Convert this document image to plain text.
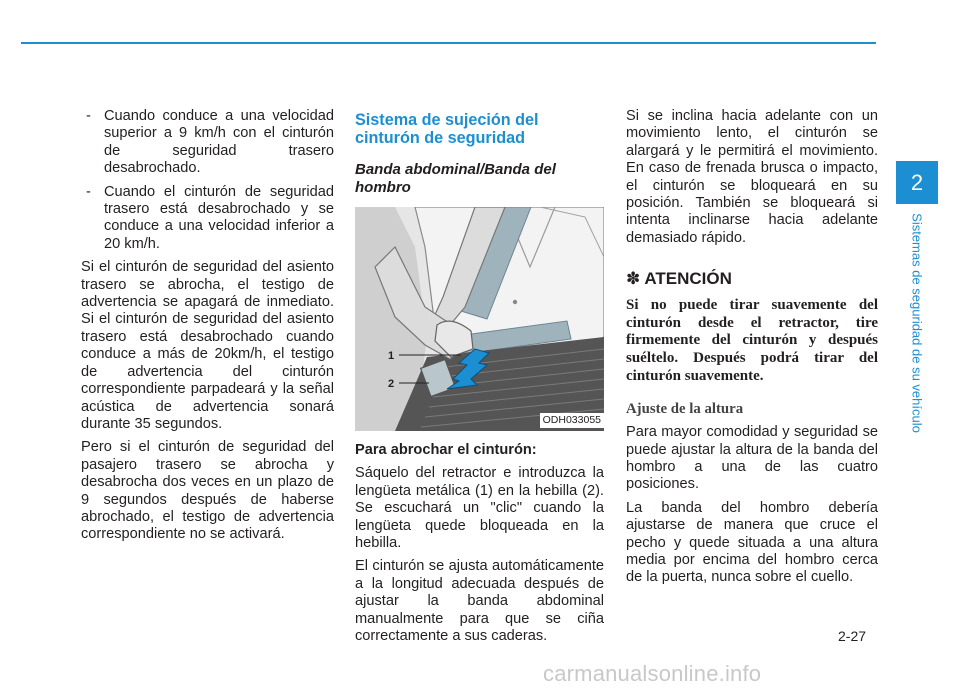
- Cuando conduce a una velocidad superior a 9 km/h con el cinturón de seguridad trasero desabrochado.
- Cuando el cinturón de seguridad trasero está desabrochado y se conduce a una velocidad inferior a 20 km/h.

Si el cinturón de seguridad del asiento trasero se abrocha, el testigo de advertencia se apagará de inmediato. Si el cinturón de seguridad del asiento trasero está desabrochado cuando conduce a más de 20km/h, el testigo de advertencia del cinturón correspondiente parpadeará y la señal acústica de advertencia sonará durante 35 segundos.

Pero si el cinturón de seguridad del pasajero trasero se abrocha y desabrocha dos veces en un plazo de 9 segundos después de haberse abrochado, el testigo de advertencia correspondiente no se activará.

Sistema de sujeción del cinturón de seguridad
Banda abdominal/Banda del hombro
1
2
ODH033055

Para abrochar el cinturón:

Sáquelo del retractor e introduzca la lengüeta metálica (1) en la hebilla (2). Se escuchará un "clic" cuando la lengüeta quede bloqueada en la hebilla.

El cinturón se ajusta automáticamente a la longitud adecuada después de ajustar la banda abdominal manualmente para que se ciña correctamente a sus caderas.

Si se inclina hacia adelante con un movimiento lento, el cinturón se alargará y le permitirá el movimiento. En caso de frenada brusca o impacto, el cinturón se bloqueará en su posición. También se bloqueará si intenta inclinarse hacia adelante demasiado rápido.

✽ ATENCIÓN
Si no puede tirar suavemente del cinturón desde el retractor, tire firmemente del cinturón y después suéltelo. Después podrá tirar del cinturón suavemente.
Ajuste de la altura

Para mayor comodidad y seguridad se puede ajustar la altura de la banda del hombro a una de las cuatro posiciones.

La banda del hombro debería ajustarse de manera que cruce el pecho y quede situada a una altura media por encima del hombro cerca de la puerta, nunca sobre el cuello.

2
Sistemas de seguridad de su vehículo
2-27
carmanualsonline.info
